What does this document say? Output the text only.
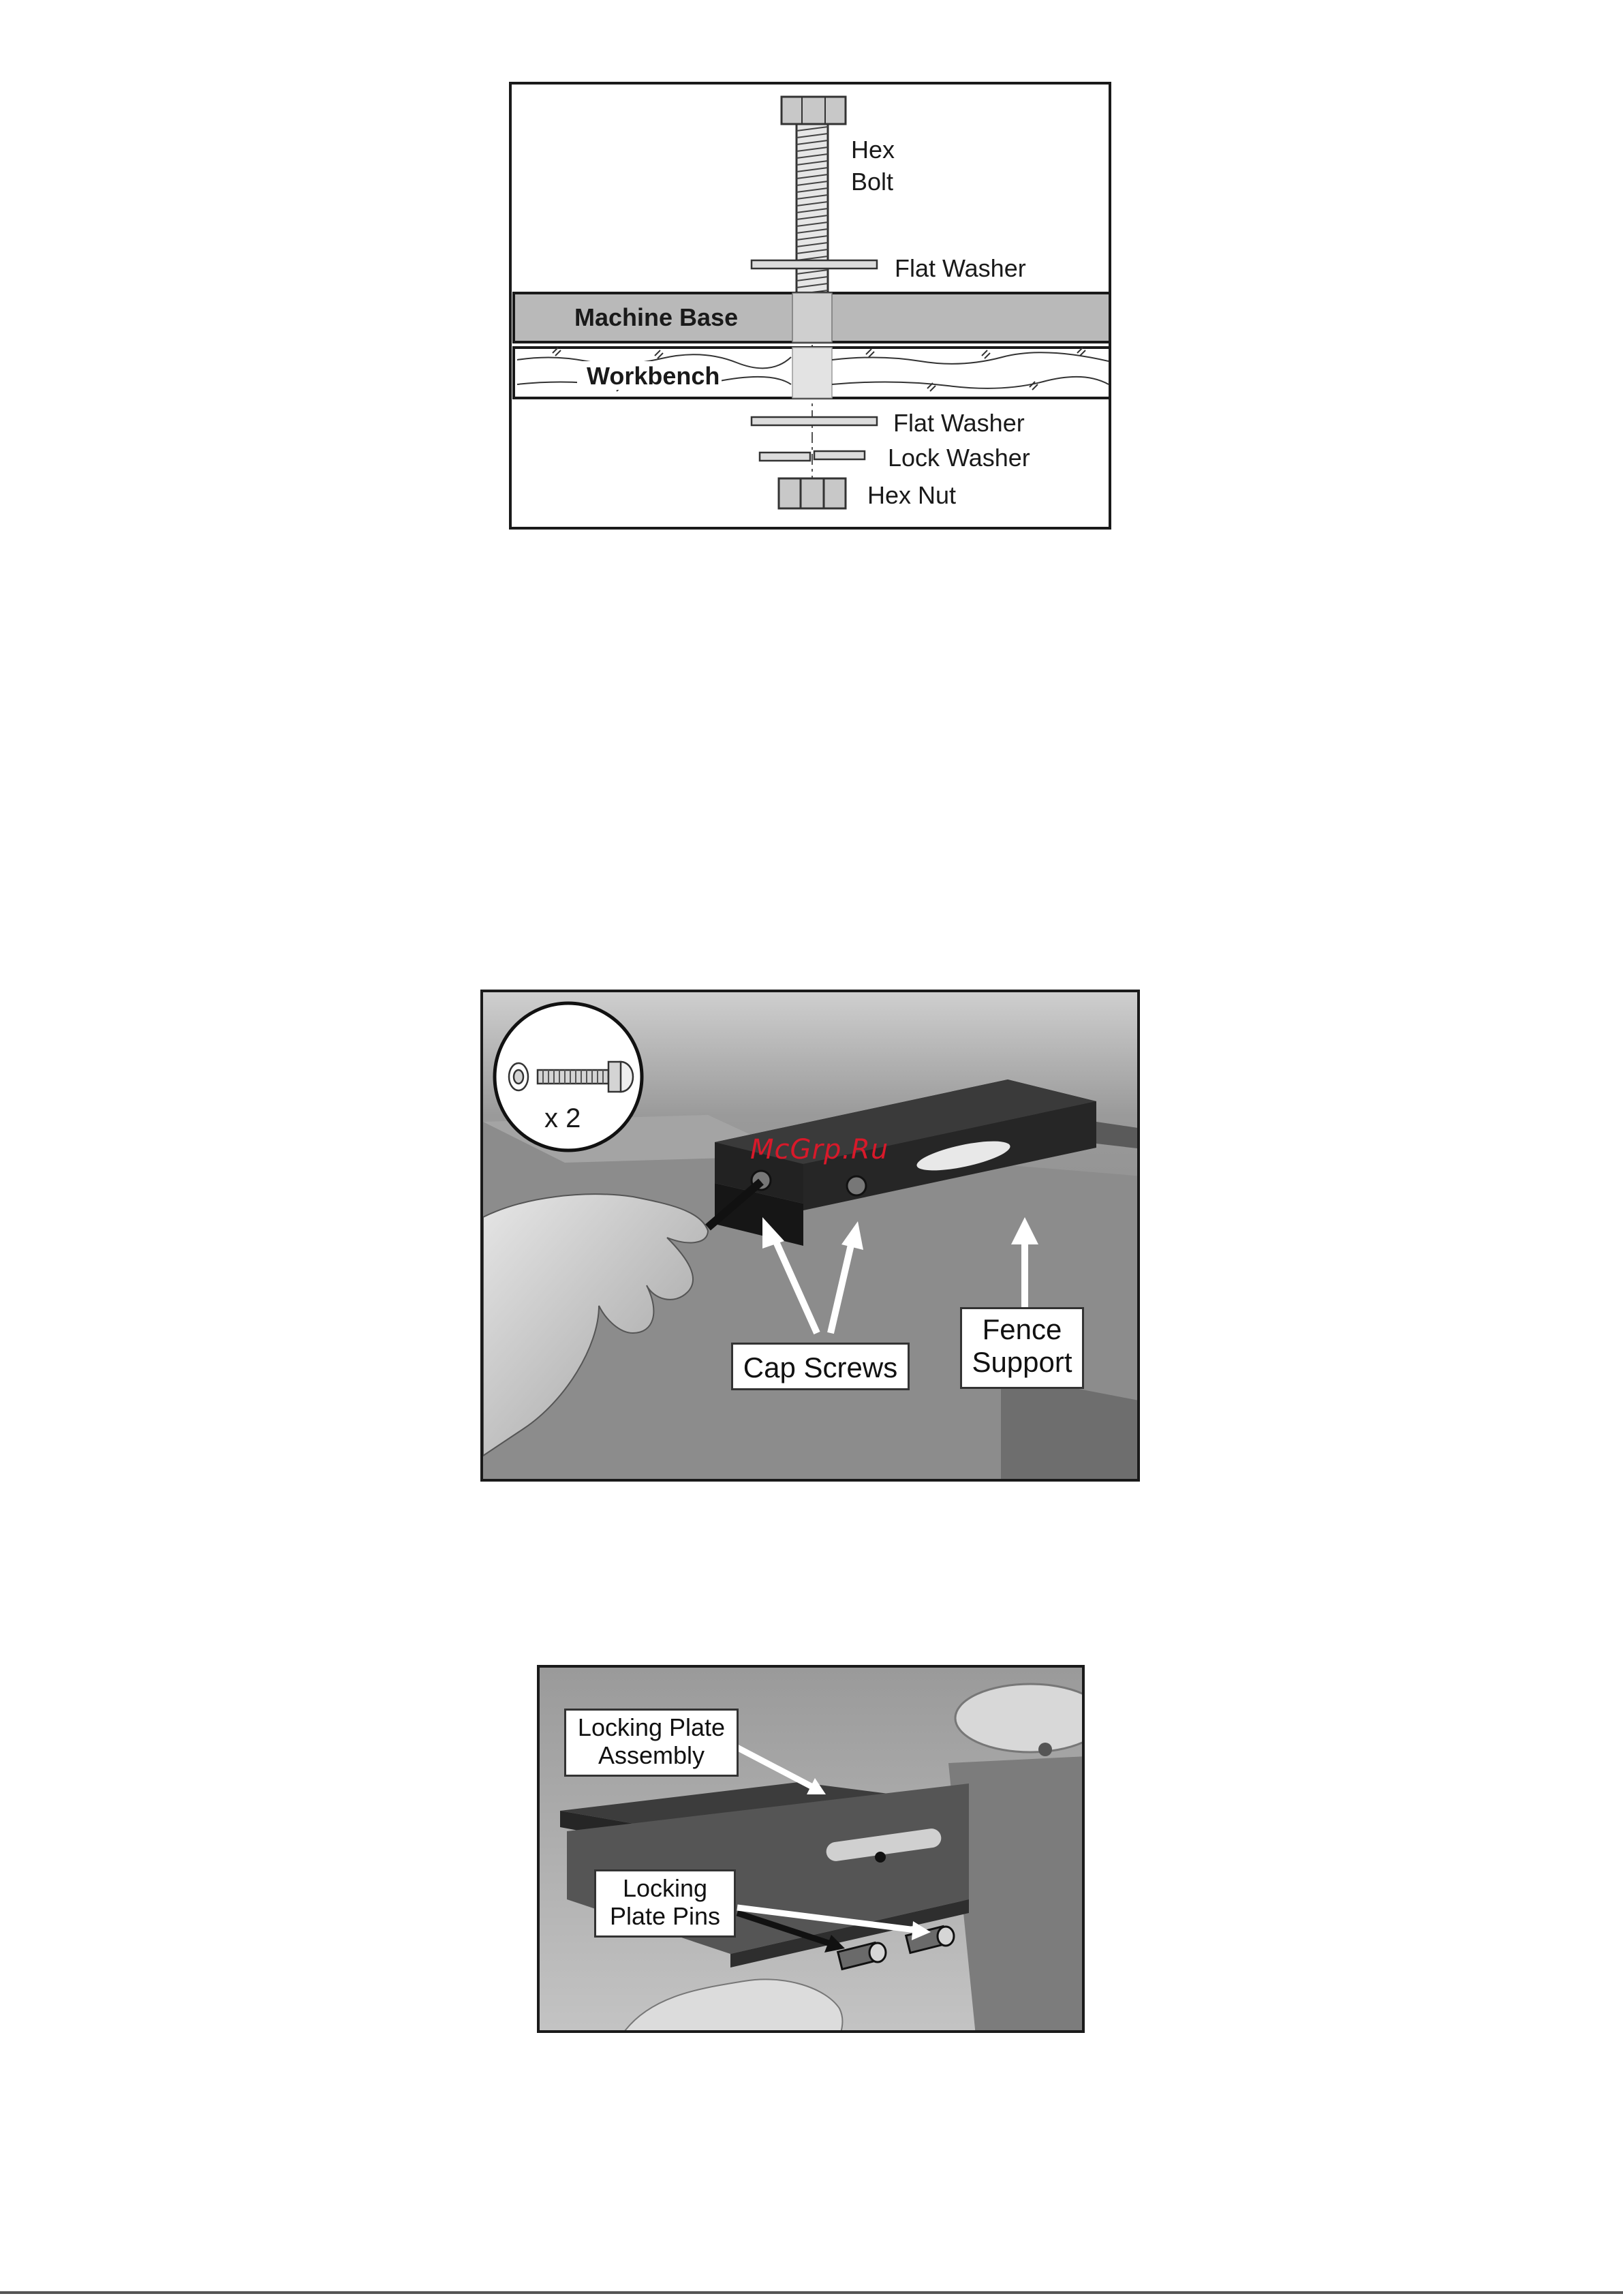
Hex
Bolt
Flat Washer
Machine Base
Workbench
Flat Washer
Lock Washer
Hex Nut
x 2
McGrp.Ru
Cap Screws
Fence
Support
Locking Plate
Assembly
Locking
Plate Pins
